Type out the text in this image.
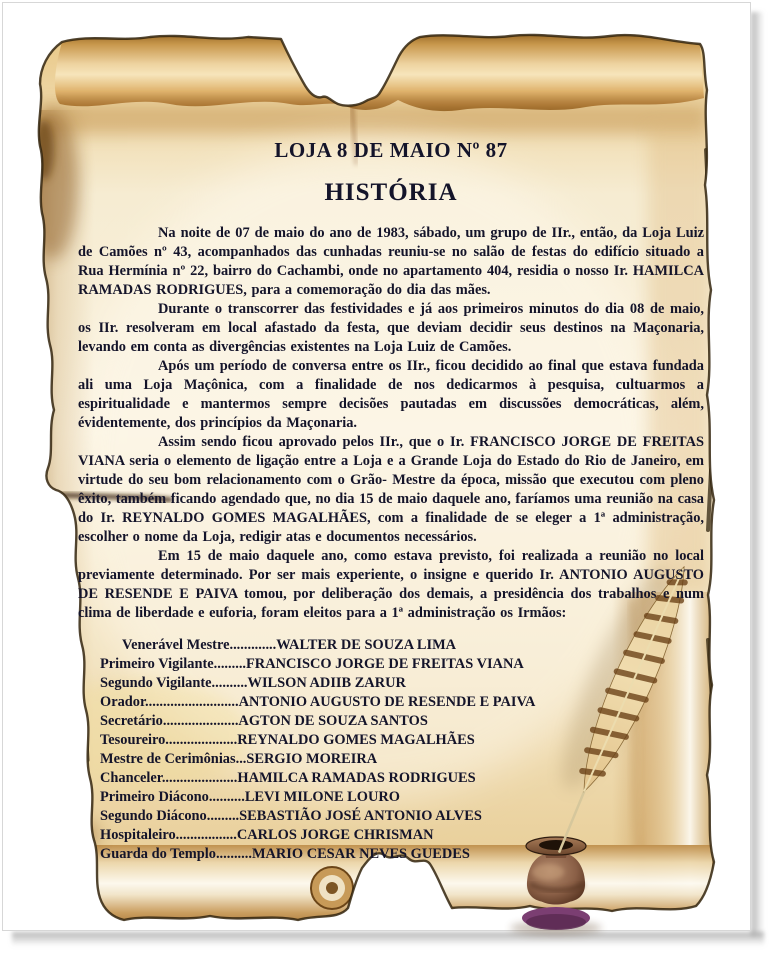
LOJA 8 DE MAIO Nº 87
HISTÓRIA

Na noite de 07 de maio do ano de 1983, sábado, um grupo de IIr., então, da Loja Luiz de Camões nº 43, acompanhados das cunhadas reuniu-se no salão de festas do edifício situado a Rua Hermínia nº 22, bairro do Cachambi, onde no apartamento 404, residia o nosso Ir. HAMILCA RAMADAS RODRIGUES, para a comemoração do dia das mães.

Durante o transcorrer das festividades e já aos primeiros minutos do dia 08 de maio, os IIr. resolveram em local afastado da festa, que deviam decidir seus destinos na Maçonaria, levando em conta as divergências existentes na Loja Luiz de Camões.

Após um período de conversa entre os IIr., ficou decidido ao final que estava fundada ali uma Loja Maçônica, com a finalidade de nos dedicarmos à pesquisa, cultuarmos a espiritualidade e mantermos sempre decisões pautadas em discussões democráticas, além, évidentemente, dos princípios da Maçonaria.

Assim sendo ficou aprovado pelos IIr., que o Ir. FRANCISCO JORGE DE FREITAS VIANA seria o elemento de ligação entre a Loja e a Grande Loja do Estado do Rio de Janeiro, em virtude do seu bom relacionamento com o Grão- Mestre da época, missão que executou com pleno êxito, também ficando agendado que, no dia 15 de maio daquele ano, faríamos uma reunião na casa do Ir. REYNALDO GOMES MAGALHÃES, com a finalidade de se eleger a 1ª administração, escolher o nome da Loja, redigir atas e documentos necessários.

Em 15 de maio daquele ano, como estava previsto, foi realizada a reunião no local previamente determinado. Por ser mais experiente, o insigne e querido Ir. ANTONIO AUGUSTO DE RESENDE E PAIVA tomou, por deliberação dos demais, a presidência dos trabalhos e num clima de liberdade e euforia, foram eleitos para a 1ª administração os Irmãos:

Venerável Mestre.............WALTER DE SOUZA LIMA
Primeiro Vigilante.........FRANCISCO JORGE DE FREITAS VIANA
Segundo Vigilante..........WILSON ADIIB ZARUR
Orador..........................ANTONIO AUGUSTO DE RESENDE E PAIVA
Secretário.....................AGTON DE SOUZA SANTOS
Tesoureiro....................REYNALDO GOMES MAGALHÃES
Mestre de Cerimônias...SERGIO MOREIRA
Chanceler.....................HAMILCA RAMADAS RODRIGUES
Primeiro Diácono..........LEVI MILONE LOURO
Segundo Diácono.........SEBASTIÃO JOSÉ ANTONIO ALVES
Hospitaleiro.................CARLOS JORGE CHRISMAN
Guarda do Templo..........MARIO CESAR NEVES GUEDES
